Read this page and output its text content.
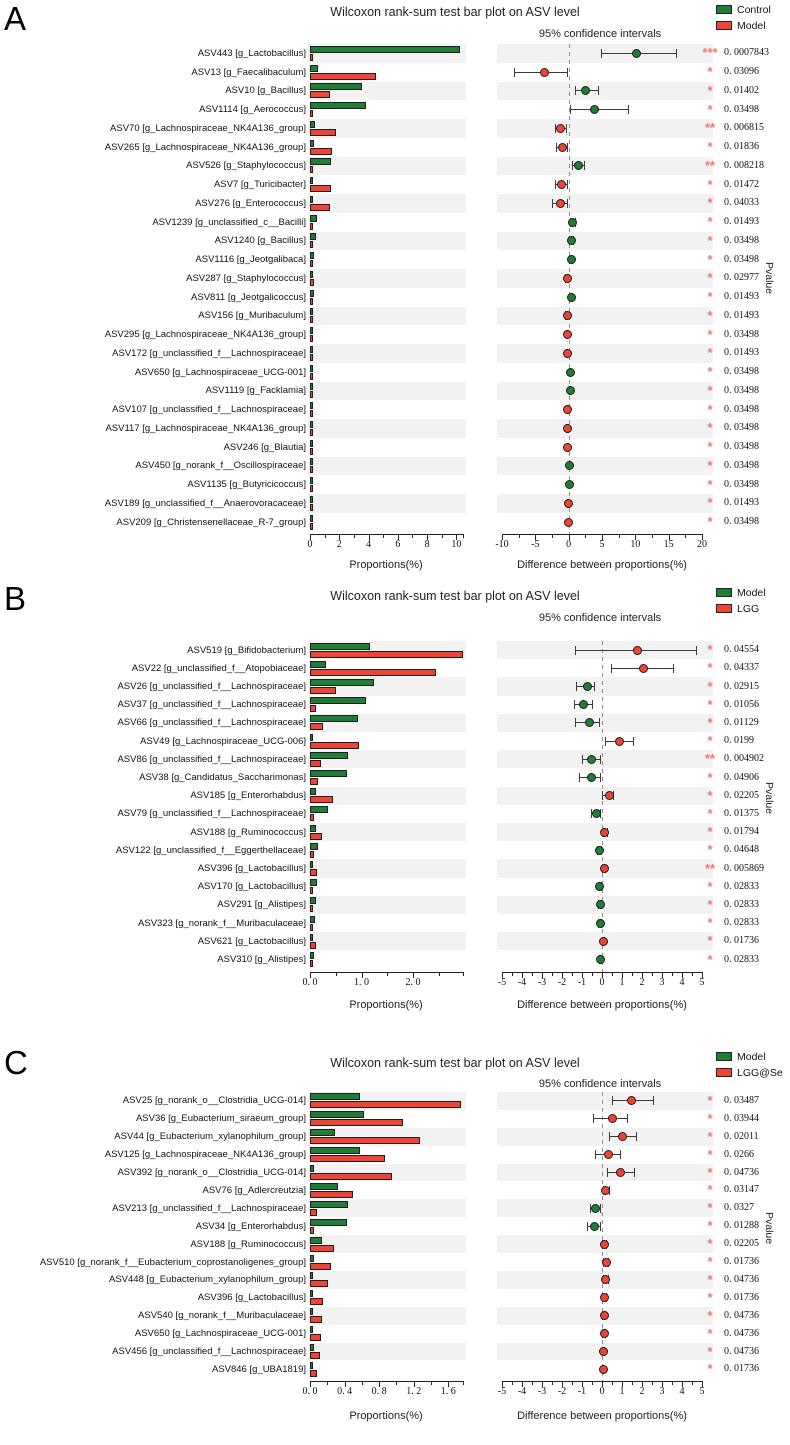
A	Wilcoxon rank-sum test bar plot on ASV level
95% confidence intervals
Control
Model
Proportions(%)	Difference between proportions(%)
Pvalue
B	Wilcoxon rank-sum test bar plot on ASV level
95% confidence intervals
Model
LGG
Proportions(%)	Difference between proportions(%)
Pvalue
C	Wilcoxon rank-sum test bar plot on ASV level
95% confidence intervals
Model
LGG@Se
Proportions(%)	Difference between proportions(%)
Pvalue
ASV443 [g_Lactobacillus]	*** 0. 0007843
ASV13 [g_Faecalibaculum]	*	0. 03096
ASV10 [g_Bacillus]	*	0. 01402
ASV1114 [g_Aerococcus]	*	0. 03498
ASV70 [g_Lachnospiraceae_NK4A136_group]	** 0. 006815
ASV265 [g_Lachnospiraceae_NK4A136_group]	*	0. 01836
ASV526 [g_Staphylococcus]	** 0. 008218
ASV7 [g_Turicibacter]	*	0. 01472
ASV276 [g_Enterococcus]	*	0. 04033
ASV1239 [g_unclassified_c__Bacilli]	*	0. 01493
ASV1240 [g_Bacillus]	*	0. 03498
ASV1116 [g_Jeotgalibaca]	*	0. 03498
ASV287 [g_Staphylococcus]	*	0. 02977
ASV811 [g_Jeotgalicoccus]	*	0. 01493
ASV156 [g_Muribaculum]	*	0. 01493
ASV295 [g_Lachnospiraceae_NK4A136_group]	*	0. 03498
ASV172 [g_unclassified_f__Lachnospiraceae]	*	0. 01493
ASV650 [g_Lachnospiraceae_UCG-001]	*	0. 03498
ASV1119 [g_Facklamia]	*	0. 03498
ASV107 [g_unclassified_f__Lachnospiraceae]	*	0. 03498
ASV117 [g_Lachnospiraceae_NK4A136_group]	*	0. 03498
ASV246 [g_Blautia]	*	0. 03498
ASV450 [g_norank_f__Oscillospiraceae]	*	0. 03498
ASV1135 [g_Butyricicoccus]	*	0. 03498
ASV189 [g_unclassified_f__Anaerovoracaceae]	*	0. 01493
ASV209 [g_Christensenellaceae_R-7_group]	*	0. 03498
0	2	4	6	8	10	-10	-5	0	5	10	15	20
ASV519 [g_Bifidobacterium]	*	0. 04554
ASV22 [g_unclassified_f__Atopobiaceae]	*	0. 04337
ASV26 [g_unclassified_f__Lachnospiraceae]	*	0. 02915
ASV37 [g_unclassified_f__Lachnospiraceae]	*	0. 01056
ASV66 [g_unclassified_f__Lachnospiraceae]	*	0. 01129
ASV49 [g_Lachnospiraceae_UCG-006]	*	0. 0199
ASV86 [g_unclassified_f__Lachnospiraceae]	** 0. 004902
ASV38 [g_Candidatus_Saccharimonas]	*	0. 04906
ASV185 [g_Enterorhabdus]	*	0. 02205
ASV79 [g_unclassified_f__Lachnospiraceae]	*	0. 01375
ASV188 [g_Ruminococcus]	*	0. 01794
ASV122 [g_unclassified_f__Eggerthellaceae]	*	0. 04648
ASV396 [g_Lactobacillus]	** 0. 005869
ASV170 [g_Lactobacillus]	*	0. 02833
ASV291 [g_Alistipes]	*	0. 02833
ASV323 [g_norank_f__Muribaculaceae]	*	0. 02833
ASV621 [g_Lactobacillus]	*	0. 01736
ASV310 [g_Alistipes]	*	0. 02833
0. 0	1. 0	2. 0	-5	-4	-3	-2	-1	0	1	2	3	4	5
ASV25 [g_norank_o__Clostridia_UCG-014]	*	0. 03487
ASV36 [g_Eubacterium_siraeum_group]	*	0. 03944
ASV44 [g_Eubacterium_xylanophilum_group]	*	0. 02011
ASV125 [g_Lachnospiraceae_NK4A136_group]	*	0. 0266
ASV392 [g_norank_o__Clostridia_UCG-014]	*	0. 04736
ASV76 [g_Adlercreutzia]	*	0. 03147
ASV213 [g_unclassified_f__Lachnospiraceae]	*	0. 0327
ASV34 [g_Enterorhabdus]	*	0. 01288
ASV188 [g_Ruminococcus]	*	0. 02205
ASV510 [g_norank_f__Eubacterium_coprostanoligenes_group]	*	0. 01736
ASV448 [g_Eubacterium_xylanophilum_group]	*	0. 04736
ASV396 [g_Lactobacillus]	*	0. 01736
ASV540 [g_norank_f__Muribaculaceae]	*	0. 04736
ASV650 [g_Lachnospiraceae_UCG-001]	*	0. 04736
ASV456 [g_unclassified_f__Lachnospiraceae]	*	0. 04736
ASV846 [g_UBA1819]	*	0. 01736
0. 0	0. 4	0. 8	1. 2	1. 6	-5	-4	-3	-2	-1	0	1	2	3	4	5
